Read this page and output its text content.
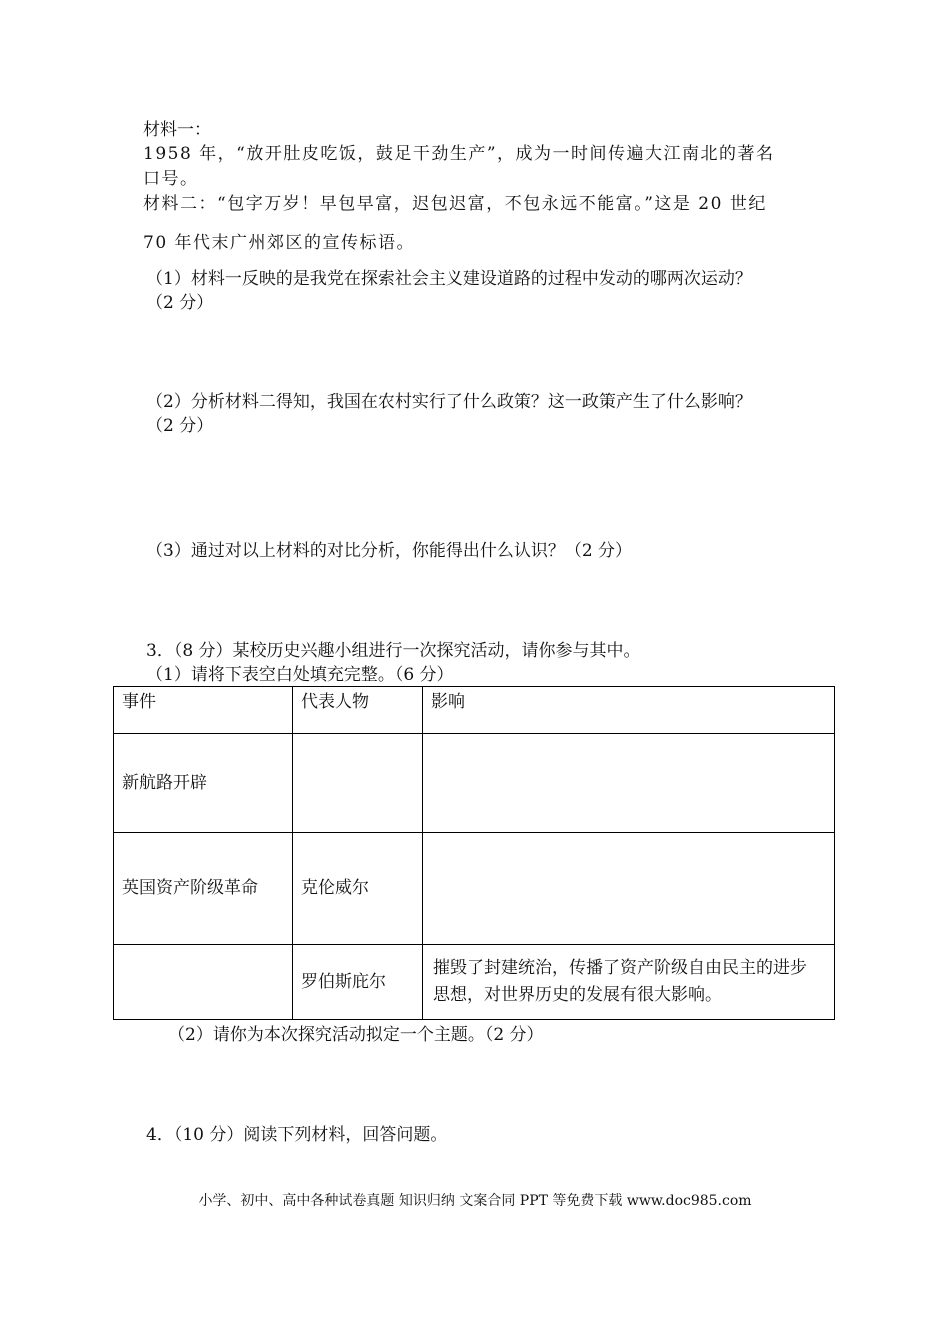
材料一：
1958 年，“放开肚皮吃饭，鼓足干劲生产”，成为一时间传遍大江南北的著名
口号。
材料二：“包字万岁！早包早富，迟包迟富，不包永远不能富。”这是 20 世纪
70 年代末广州郊区的宣传标语。
（1）材料一反映的是我党在探索社会主义建设道路的过程中发动的哪两次运动？
（2 分）
（2）分析材料二得知，我国在农村实行了什么政策？这一政策产生了什么影响？
（2 分）
（3）通过对以上材料的对比分析，你能得出什么认识？（2 分）
3．（8 分）某校历史兴趣小组进行一次探究活动，请你参与其中。
（1）请将下表空白处填充完整。（6 分）
事件	代表人物	影响
新航路开辟		
英国资产阶级革命	克伦威尔	
	罗伯斯庇尔	摧毁了封建统治，传播了资产阶级自由民主的进步思想，对世界历史的发展有很大影响。
（2）请你为本次探究活动拟定一个主题。（2 分）
4．（10 分）阅读下列材料，回答问题。
小学、初中、高中各种试卷真题 知识归纳 文案合同 PPT 等免费下载 www.doc985.com
